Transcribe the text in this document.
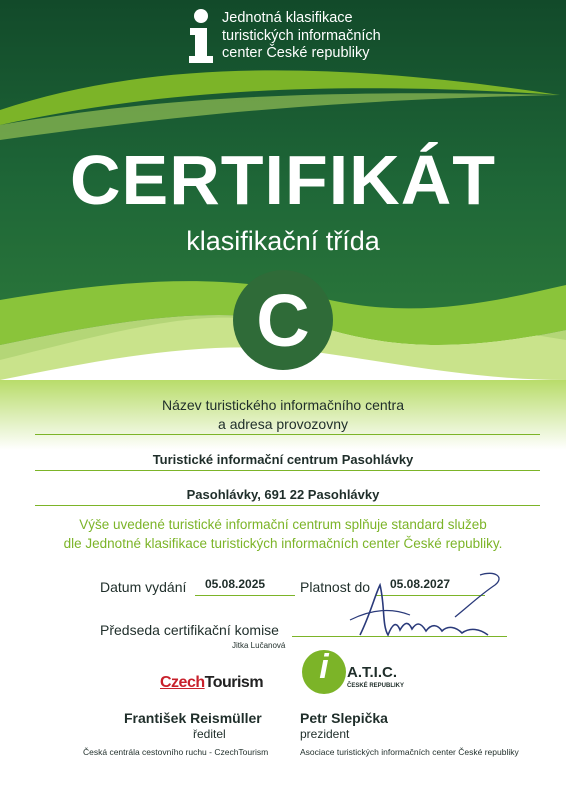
Jednotná klasifikace
turistických informačních
center České republiky
CERTIFIKÁT
klasifikační třída
C
Název turistického informačního centra
a adresa provozovny
Turistické informační centrum Pasohlávky
Pasohlávky, 691 22 Pasohlávky
Výše uvedené turistické informační centrum splňuje standard služeb
dle Jednotné klasifikace turistických informačních center České republiky.
Datum vydání 05.08.2025 Platnost do 05.08.2027
Předseda certifikační komise
Jitka Lučanová
CzechTourism	i	A.T.I.C.
ČESKÉ REPUBLIKY
František Reismüller
ředitel
Česká centrála cestovního ruchu - CzechTourism
Petr Slepička
prezident
Asociace turistických informačních center České republiky
